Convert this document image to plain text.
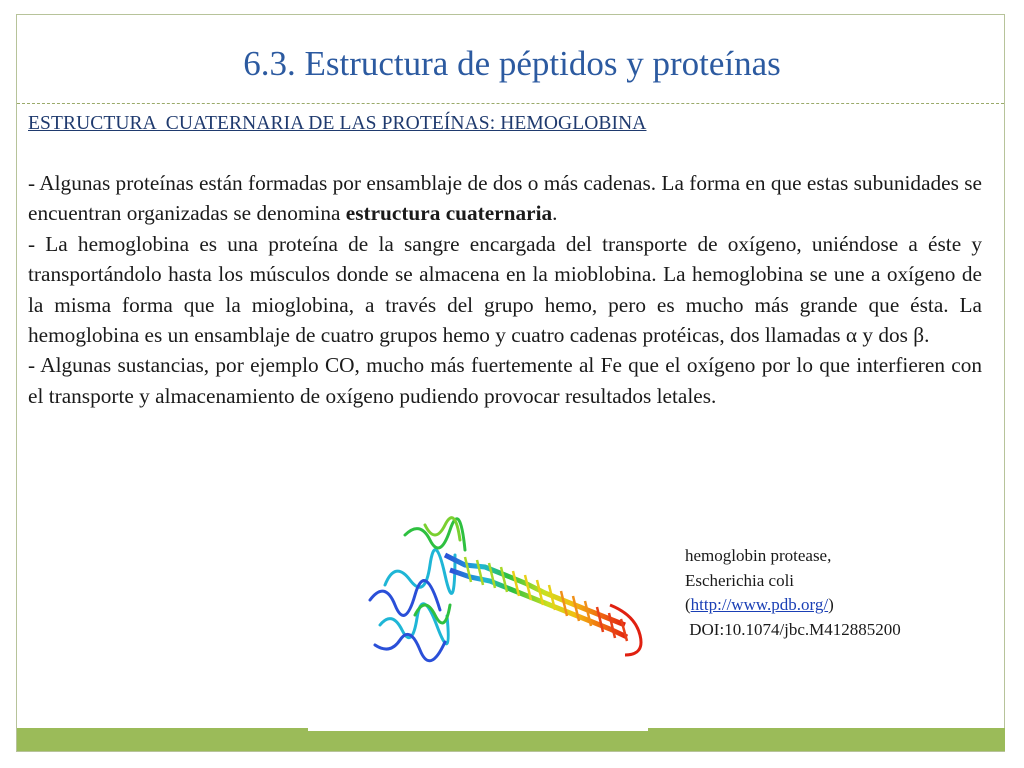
6.3. Estructura de péptidos y proteínas
ESTRUCTURA  CUATERNARIA DE LAS PROTEÍNAS: HEMOGLOBINA

- Algunas proteínas están formadas por ensamblaje de dos o más cadenas. La forma en que estas subunidades se encuentran organizadas se denomina estructura cuaternaria.

- La hemoglobina es una proteína de la sangre encargada del transporte de oxígeno, uniéndose a éste y transportándolo hasta los músculos donde se almacena en la mioblobina. La hemoglobina se une a oxígeno de la misma forma que la mioglobina, a través del grupo hemo, pero es mucho más grande que ésta. La hemoglobina es un ensamblaje de cuatro grupos hemo y cuatro cadenas protéicas, dos llamadas α y dos β.

- Algunas sustancias, por ejemplo CO, mucho más fuertemente al Fe que el oxígeno por lo que interfieren con el transporte y almacenamiento de oxígeno pudiendo provocar resultados letales.

hemoglobin protease,
Escherichia coli
(http://www.pdb.org/)
DOI:10.1074/jbc.M412885200
